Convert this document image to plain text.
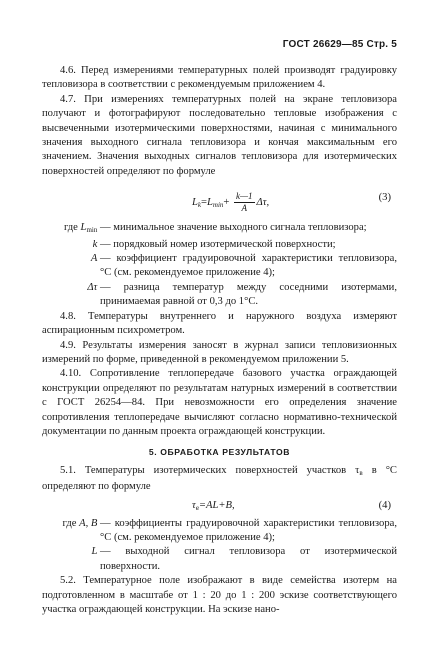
ГОСТ 26629—85 Стр. 5

4.6. Перед измерениями температурных полей производят градуировку тепловизора в соответствии с рекомендуемым приложением 4.

4.7. При измерениях температурных полей на экране тепловизора получают и фотографируют последовательно тепловые изображения с высвеченными изотермическими поверхностями, начиная с минимального значения выходного сигнала тепловизора и кончая максимальным его значением. Значения выходных сигналов тепловизора для изотермических поверхностей определяют по формуле

$L_k=L_{min}+ \frac{k—1}{A} \Delta\tau$,	(3)
где $L_{min}$ — минимальное значение выходного сигнала тепловизора;
k — порядковый номер изотермической поверхности;
A — коэффициент градуировочной характеристики тепловизора, °C (см. рекомендуемое приложение 4);
Δτ — разница температур между соседними изотермами, принимаемая равной от 0,3 до 1°C.

4.8. Температуры внутреннего и наружного воздуха измеряют аспирационным психрометром.

4.9. Результаты измерения заносят в журнал записи тепловизионных измерений по форме, приведенной в рекомендуемом приложении 5.

4.10. Сопротивление теплопередаче базового участка ограждающей конструкции определяют по результатам натурных измерений в соответствии с ГОСТ 26254—84. При невозможности его определения значение сопротивления теплопередаче вычисляют согласно нормативно-технической документации по данным проекта ограждающей конструкции.

5. ОБРАБОТКА РЕЗУЛЬТАТОВ

5.1. Температуры изотермических поверхностей участков $\tau_в$ в °C определяют по формуле

$\tau_в=AL+B$,	(4)
где A, B — коэффициенты градуировочной характеристики тепловизора, °C (см. рекомендуемое приложение 4);
L — выходной сигнал тепловизора от изотермической поверхности.

5.2. Температурное поле изображают в виде семейства изотерм на подготовленном в масштабе от 1 : 20 до 1 : 200 эскизе соответствующего участка ограждающей конструкции. На эскизе нано-
